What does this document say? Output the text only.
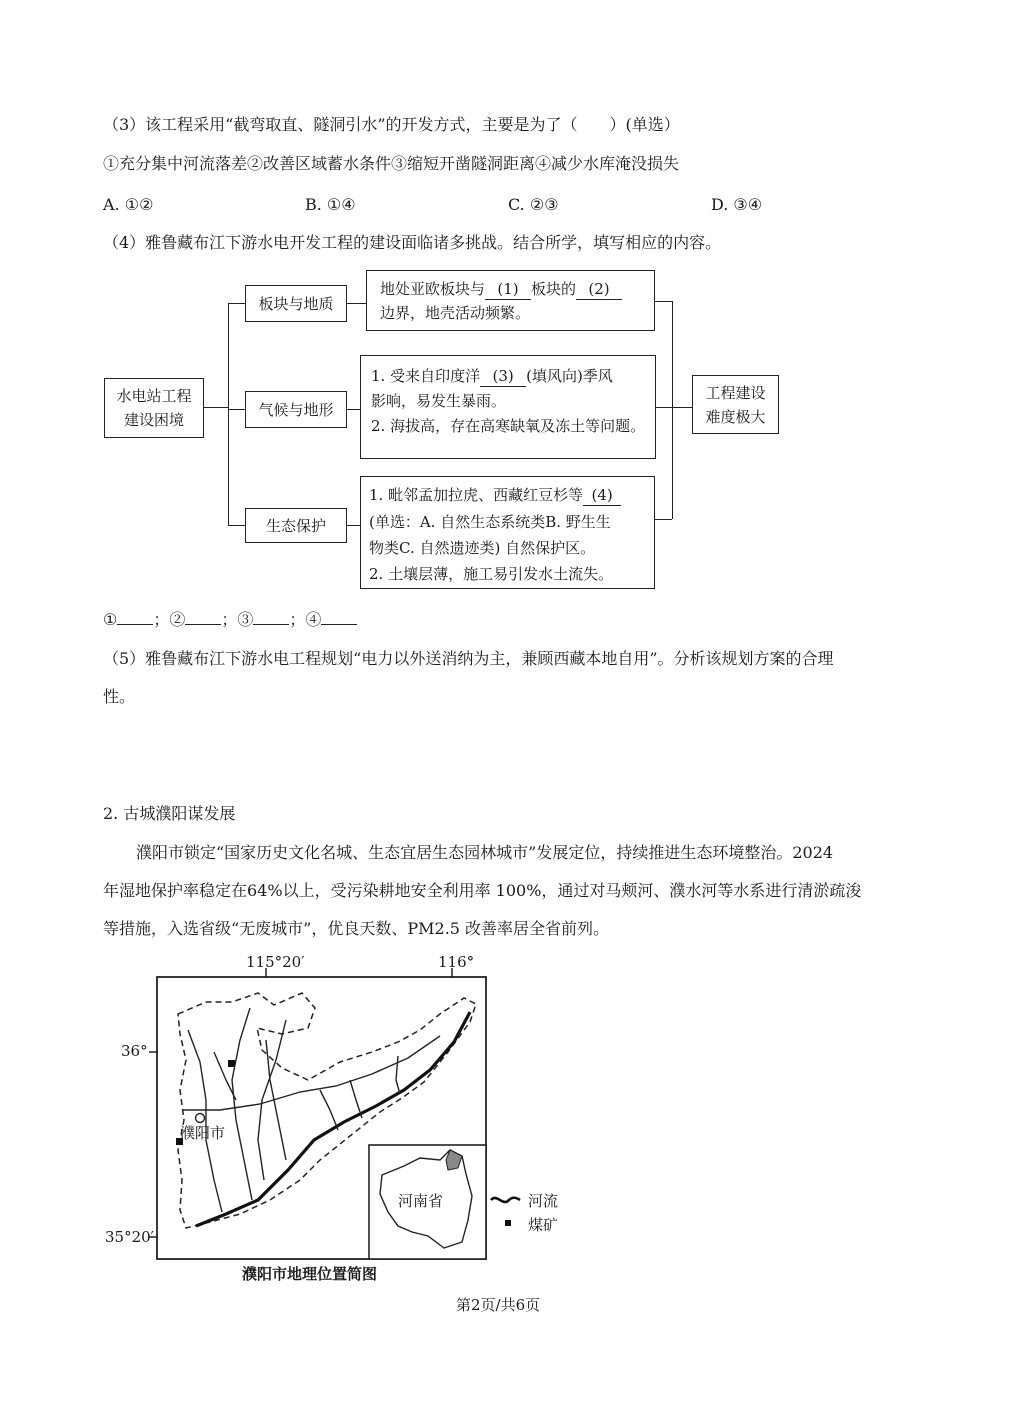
（3）该工程采用“截弯取直、隧洞引水”的开发方式，主要是为了（　　）(单选）
①充分集中河流落差②改善区域蓄水条件③缩短开凿隧洞距离④减少水库淹没损失
A. ①②	B. ①④	C. ②③	D. ③④
（4）雅鲁藏布江下游水电开发工程的建设面临诸多挑战。结合所学，填写相应的内容。
水电站工程
建设困境
板块与地质
气候与地形
生态保护
地处亚欧板块与 (1) 板块的 (2)
边界，地壳活动频繁。
1. 受来自印度洋 (3) (填风向)季风
影响，易发生暴雨。
2. 海拔高，存在高寒缺氧及冻土等问题。
1. 毗邻孟加拉虎、西藏红豆杉等 (4)
(单选：A. 自然生态系统类B. 野生生
物类C. 自然遗迹类) 自然保护区。
2. 土壤层薄，施工易引发水土流失。
工程建设
难度极大
① ；② ；③ ；④
（5）雅鲁藏布江下游水电工程规划“电力以外送消纳为主，兼顾西藏本地自用”。分析该规划方案的合理
性。
2. 古城濮阳谋发展
濮阳市锁定“国家历史文化名城、生态宜居生态园林城市”发展定位，持续推进生态环境整治。2024
年湿地保护率稳定在64%以上，受污染耕地安全利用率 100%，通过对马颊河、濮水河等水系进行清淤疏浚
等措施，入选省级“无废城市”，优良天数、PM2.5 改善率居全省前列。
115°20′	116°
36°
35°20′
濮阳市
河南省	河流
煤矿
濮阳市地理位置简图
第2页/共6页
